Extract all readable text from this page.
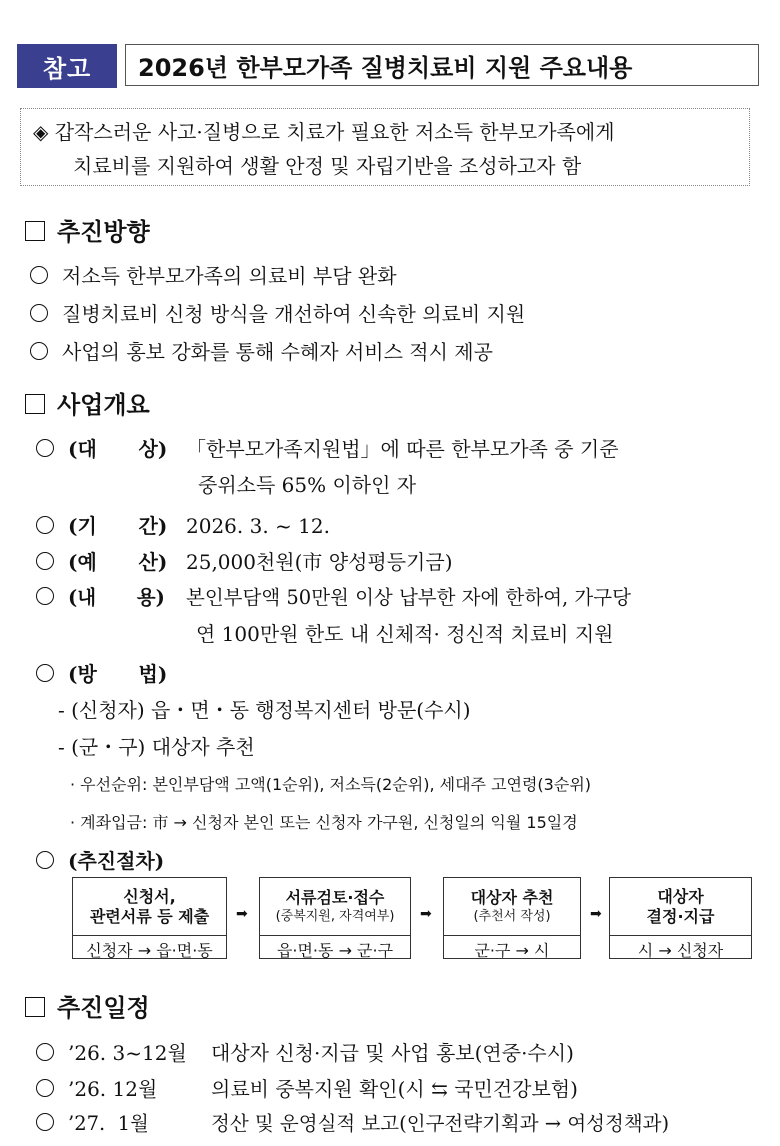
참고	2026년 한부모가족 질병치료비 지원 주요내용
◈ 갑작스러운 사고·질병으로 치료가 필요한 저소득 한부모가족에게
치료비를 지원하여 생활 안정 및 자립기반을 조성하고자 함
추진방향
저소득 한부모가족의 의료비 부담 완화
질병치료비 신청 방식을 개선하여 신속한 의료비 지원
사업의 홍보 강화를 통해 수혜자 서비스 적시 제공
사업개요
(대      상) 「한부모가족지원법」에 따른 한부모가족 중 기준
중위소득 65% 이하인 자
(기      간) 2026. 3. ~ 12.
(예      산) 25,000천원(市 양성평등기금)
(내      용) 본인부담액 50만원 이상 납부한 자에 한하여, 가구당
연 100만원 한도 내 신체적· 정신적 치료비 지원
(방      법)
- (신청자) 읍・면・동 행정복지센터 방문(수시)
- (군・구) 대상자 추천
· 우선순위: 본인부담액 고액(1순위), 저소득(2순위), 세대주 고연령(3순위)
· 계좌입금: 市 → 신청자 본인 또는 신청자 가구원, 신청일의 익월 15일경
(추진절차)
신청서,
관련서류 등 제출
신청자 → 읍·면·동
➡
서류검토·접수
(중복지원, 자격여부)
읍·면·동 → 군·구
➡
대상자 추천
(추천서 작성)
군·구 → 시
➡
대상자
결정·지급
시 → 신청자
추진일정
’26. 3~12월 대상자 신청·지급 및 사업 홍보(연중·수시)
’26. 12월	의료비 중복지원 확인(시 ⇆ 국민건강보험)
’27.  1월	정산 및 운영실적 보고(인구전략기획과 → 여성정책과)
